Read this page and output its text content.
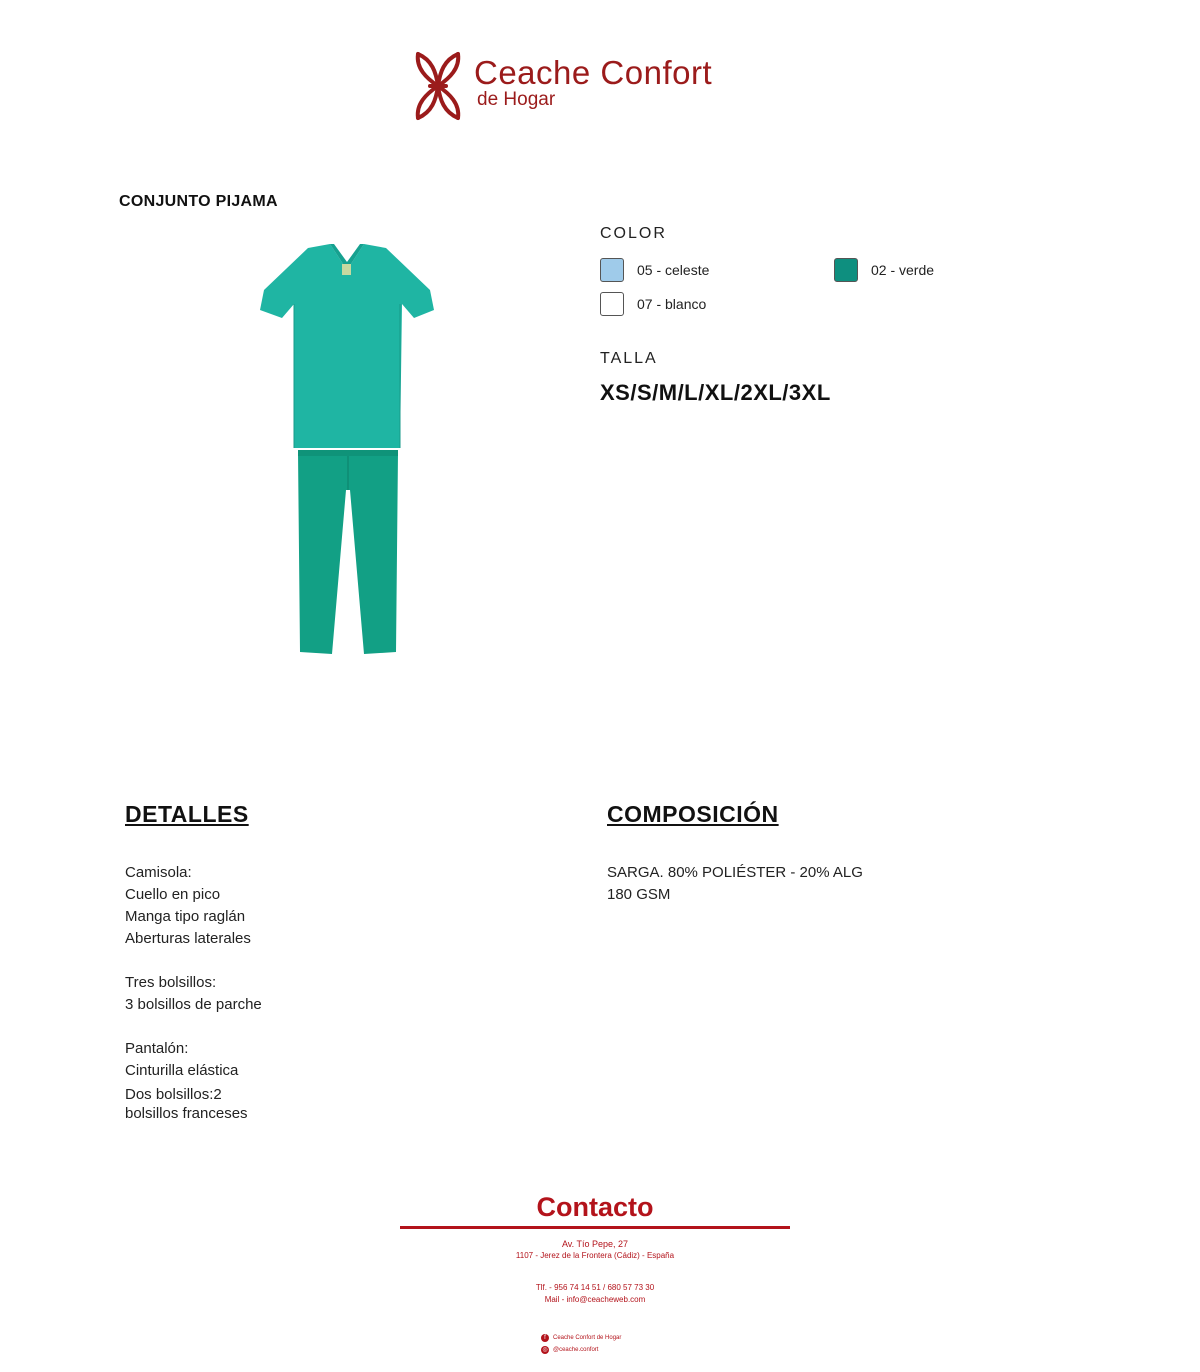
Ceache Confort
de Hogar
CONJUNTO PIJAMA
COLOR
05 - celeste	02 - verde
07 - blanco
TALLA
XS/S/M/L/XL/2XL/3XL

DETALLES
Camisola:
Cuello en pico
Manga tipo raglán
Aberturas laterales
Tres bolsillos:
3 bolsillos de parche
Pantalón:
Cinturilla elástica
Dos bolsillos:2
bolsillos franceses
COMPOSICIÓN
SARGA. 80% POLIÉSTER - 20% ALG
180 GSM
Contacto
Av. Tío Pepe, 27
1107 - Jerez de la Frontera (Cádiz) - España
Tlf. - 956 74 14 51 / 680 57 73 30
Mail - info@ceacheweb.com
f	Ceache Confort de Hogar
◎ @ceache.confort
